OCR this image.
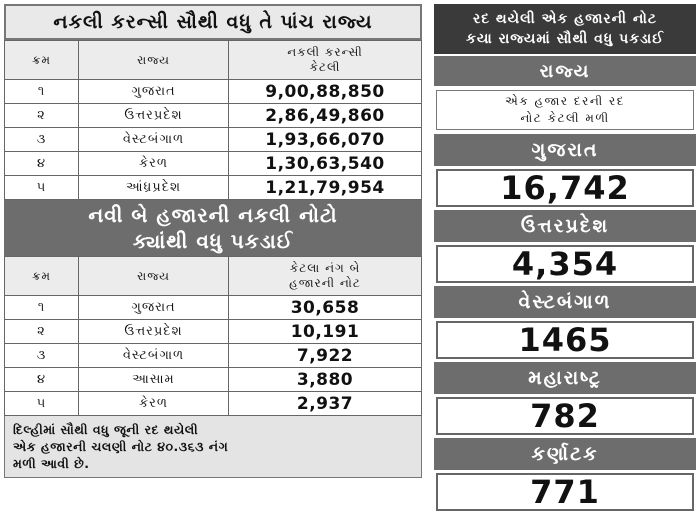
નકલી કરન્સી સૌથી વધુ તે પાંચ રાજ્ય
ક્રમ	રાજ્ય	નકલી કરન્સી
કેટલી
૧	ગુજરાત	9,00,88,850
૨	ઉત્તરપ્રદેશ	2,86,49,860
૩	વેસ્ટબંગાળ	1,93,66,070
૪	કેરળ	1,30,63,540
૫	આંધ્રપ્રદેશ	1,21,79,954
નવી બે હજારની નકલી નોટો
ક્યાંથી વધુ પકડાઈ
ક્રમ	રાજ્ય	કેટલા નંગ બે
હજારની નોટ
૧	ગુજરાત	30,658
૨	ઉત્તરપ્રદેશ	10,191
૩	વેસ્ટબંગાળ	7,922
૪	આસામ	3,880
૫	કેરળ	2,937
દિલ્હીમાં સૌથી વધુ જૂની રદ થયેલી
એક હજારની ચલણી નોટ ૪૦.૩૬૩ નંગ
મળી આવી છે.
રદ થયેલી એક હજારની નોટ
કયા રાજ્યમાં સૌથી વધુ પકડાઈ
રાજ્ય
એક હજાર દરની રદ
નોટ કેટલી મળી
ગુજરાત
16,742
ઉત્તરપ્રદેશ
4,354
વેસ્ટબંગાળ
1465
મહારાષ્ટ્ર
782
કર્ણાટક
771
